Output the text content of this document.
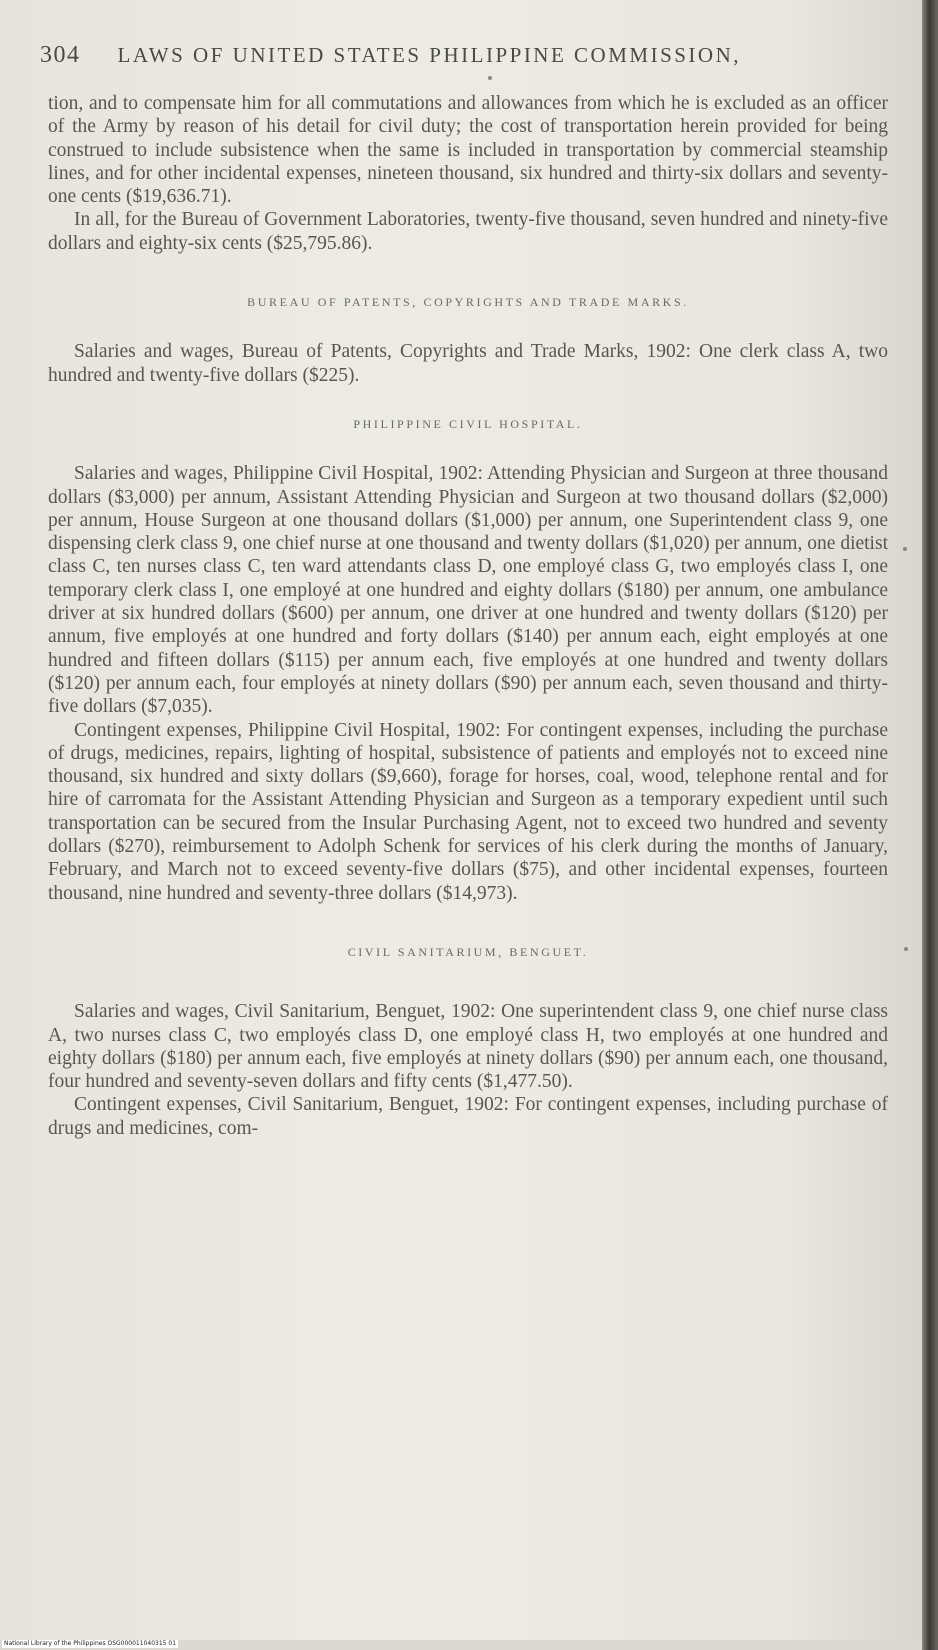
304 LAWS OF UNITED STATES PHILIPPINE COMMISSION,

tion, and to compensate him for all commutations and allowances from which he is excluded as an officer of the Army by reason of his detail for civil duty; the cost of transportation herein provided for being construed to include subsistence when the same is included in transportation by commercial steamship lines, and for other incidental expenses, nineteen thousand, six hundred and thirty-six dollars and seventy-one cents ($19,636.71).

In all, for the Bureau of Government Laboratories, twenty-five thousand, seven hundred and ninety-five dollars and eighty-six cents ($25,795.86).

BUREAU OF PATENTS, COPYRIGHTS AND TRADE MARKS.

Salaries and wages, Bureau of Patents, Copyrights and Trade Marks, 1902: One clerk class A, two hundred and twenty-five dollars ($225).

PHILIPPINE CIVIL HOSPITAL.

Salaries and wages, Philippine Civil Hospital, 1902: Attending Physician and Surgeon at three thousand dollars ($3,000) per annum, Assistant Attending Physician and Surgeon at two thousand dollars ($2,000) per annum, House Surgeon at one thousand dollars ($1,000) per annum, one Superintendent class 9, one dispensing clerk class 9, one chief nurse at one thousand and twenty dollars ($1,020) per annum, one dietist class C, ten nurses class C, ten ward attendants class D, one employé class G, two employés class I, one temporary clerk class I, one employé at one hundred and eighty dollars ($180) per annum, one ambulance driver at six hundred dollars ($600) per annum, one driver at one hundred and twenty dollars ($120) per annum, five employés at one hundred and forty dollars ($140) per annum each, eight employés at one hundred and fifteen dollars ($115) per annum each, five employés at one hundred and twenty dollars ($120) per annum each, four employés at ninety dollars ($90) per annum each, seven thousand and thirty-five dollars ($7,035).

Contingent expenses, Philippine Civil Hospital, 1902: For contingent expenses, including the purchase of drugs, medicines, repairs, lighting of hospital, subsistence of patients and employés not to exceed nine thousand, six hundred and sixty dollars ($9,660), forage for horses, coal, wood, telephone rental and for hire of carromata for the Assistant Attending Physician and Surgeon as a temporary expedient until such transportation can be secured from the Insular Purchasing Agent, not to exceed two hundred and seventy dollars ($270), reimbursement to Adolph Schenk for services of his clerk during the months of January, February, and March not to exceed seventy-five dollars ($75), and other incidental expenses, fourteen thousand, nine hundred and seventy-three dollars ($14,973).

CIVIL SANITARIUM, BENGUET.

Salaries and wages, Civil Sanitarium, Benguet, 1902: One superintendent class 9, one chief nurse class A, two nurses class C, two employés class D, one employé class H, two employés at one hundred and eighty dollars ($180) per annum each, five employés at ninety dollars ($90) per annum each, one thousand, four hundred and seventy-seven dollars and fifty cents ($1,477.50).

Contingent expenses, Civil Sanitarium, Benguet, 1902: For contingent expenses, including purchase of drugs and medicines, com-

National Library of the Philippines OSG000011040315 01
